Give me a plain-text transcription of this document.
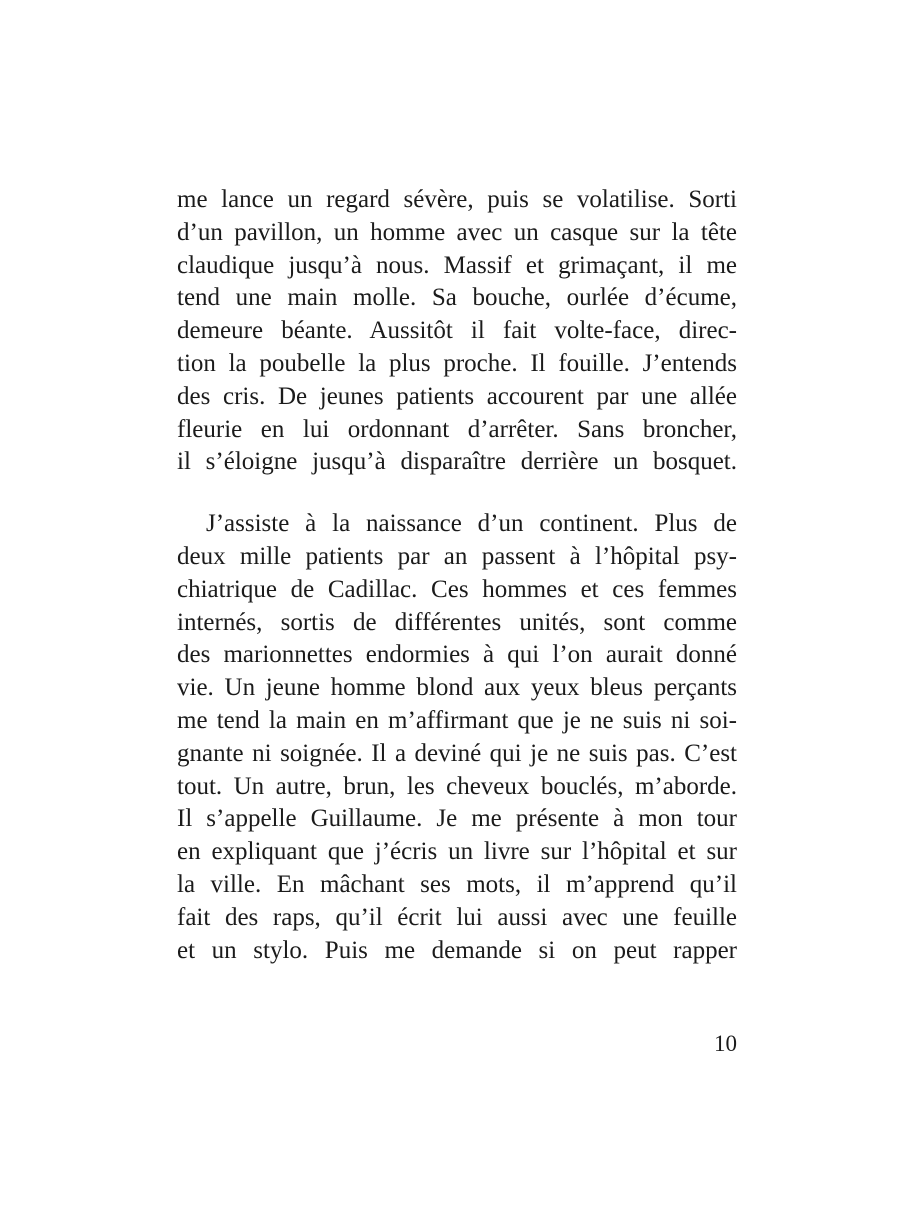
me lance un regard sévère, puis se volatilise. Sorti
d’un pavillon, un homme avec un casque sur la tête
claudique jusqu’à nous. Massif et grimaçant, il me
tend une main molle. Sa bouche, ourlée d’écume,
demeure béante. Aussitôt il fait volte-face, direc-
tion la poubelle la plus proche. Il fouille. J’entends
des cris. De jeunes patients accourent par une allée
fleurie en lui ordonnant d’arrêter. Sans broncher,
il s’éloigne jusqu’à disparaître derrière un bosquet.
J’assiste à la naissance d’un continent. Plus de
deux mille patients par an passent à l’hôpital psy-
chiatrique de Cadillac. Ces hommes et ces femmes
internés, sortis de différentes unités, sont comme
des marionnettes endormies à qui l’on aurait donné
vie. Un jeune homme blond aux yeux bleus perçants
me tend la main en m’affirmant que je ne suis ni soi-
gnante ni soignée. Il a deviné qui je ne suis pas. C’est
tout. Un autre, brun, les cheveux bouclés, m’aborde.
Il s’appelle Guillaume. Je me présente à mon tour
en expliquant que j’écris un livre sur l’hôpital et sur
la ville. En mâchant ses mots, il m’apprend qu’il
fait des raps, qu’il écrit lui aussi avec une feuille
et un stylo. Puis me demande si on peut rapper
10
